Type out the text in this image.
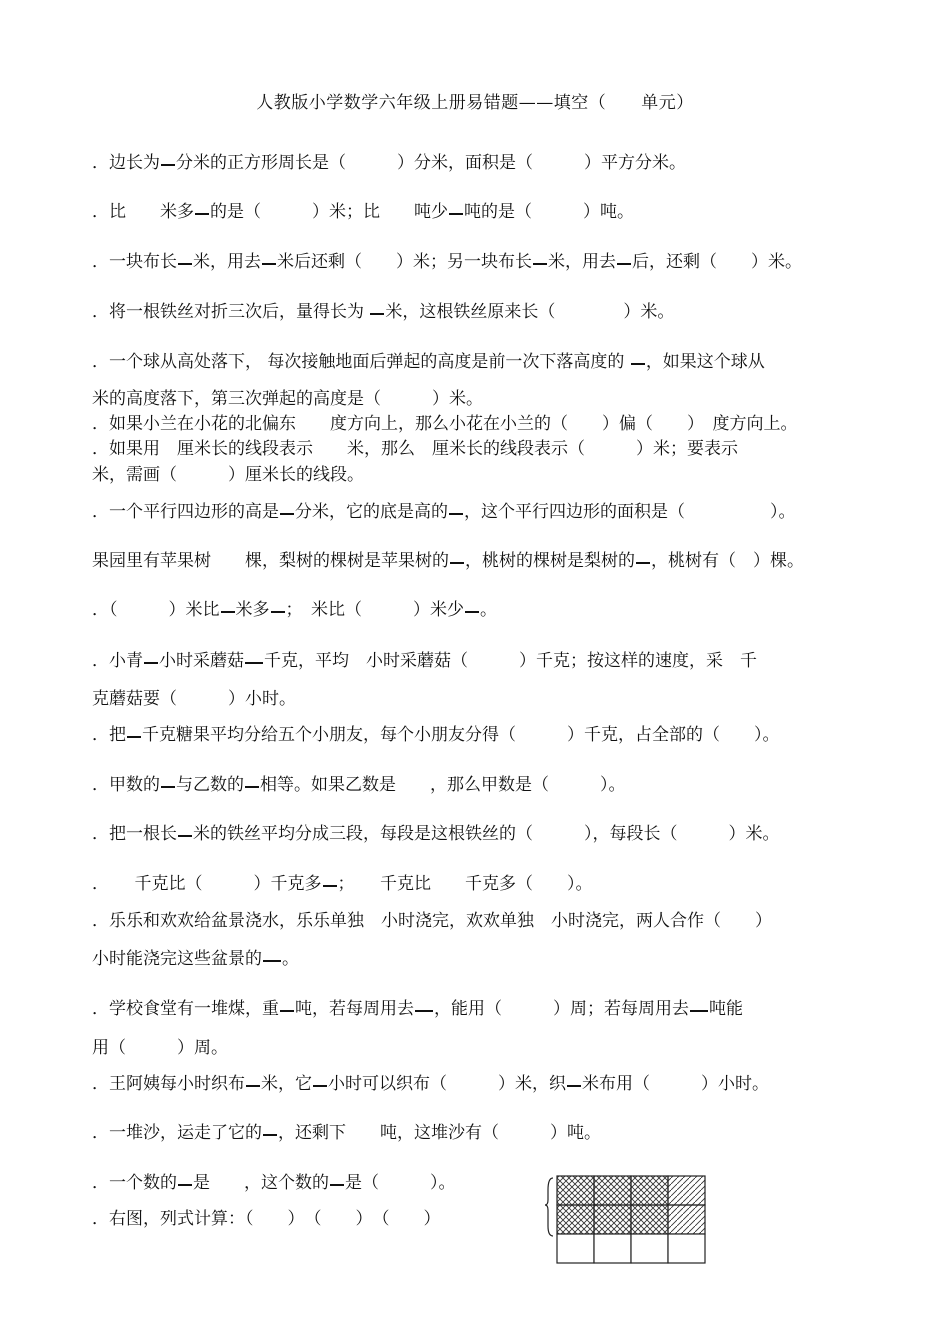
人教版小学数学六年级上册易错题——填空（　　单元）
．边长为 分米的正方形周长是（　　　）分米，面积是（　　　）平方分米。
．比　　米多 的是（　　　）米；比　　吨少 吨的是（　　　）吨。
．一块布长 米，用去 米后还剩（　　）米；另一块布长 米，用去 后，还剩（　　）米。
．将一根铁丝对折三次后，量得长为 米，这根铁丝原来长（　　　　）米。
．一个球从高处落下， 每次接触地面后弹起的高度是前一次下落高度的 ，如果这个球从
米的高度落下，第三次弹起的高度是（　　　）米。
．如果小兰在小花的北偏东　　度方向上，那么小花在小兰的（　　）偏（　　）　度方向上。
．如果用　厘米长的线段表示　　米，那么　厘米长的线段表示（　　　）米；要表示
米，需画（　　　）厘米长的线段。
．一个平行四边形的高是 分米，它的底是高的 ，这个平行四边形的面积是（　　　　　）。
果园里有苹果树　　棵，梨树的棵树是苹果树的 ，桃树的棵树是梨树的 ，桃树有（　）棵。
．（　　　）米比 米多 ；　米比（　　　）米少 。
．小青 小时采蘑菇 千克，平均　小时采蘑菇（　　　）千克；按这样的速度，采　千
克蘑菇要（　　　）小时。
．把 千克糖果平均分给五个小朋友，每个小朋友分得（　　　）千克，占全部的（　　）。
．甲数的 与乙数的 相等。如果乙数是　　，那么甲数是（　　　）。
．把一根长 米的铁丝平均分成三段，每段是这根铁丝的（　　　），每段长（　　　）米。
．　　千克比（　　　）千克多 ；　　千克比　　千克多（　　）。
．乐乐和欢欢给盆景浇水，乐乐单独　小时浇完，欢欢单独　小时浇完，两人合作（　　）
小时能浇完这些盆景的 。
．学校食堂有一堆煤，重 吨，若每周用去 ，能用（　　　）周；若每周用去 吨能
用（　　　）周。
．王阿姨每小时织布 米，它 小时可以织布（　　　）米，织 米布用（　　　）小时。
．一堆沙，运走了它的 ，还剩下　　吨，这堆沙有（　　　）吨。
．一个数的 是　　，这个数的 是（　　　）。
．右图，列式计算：（　　）　（　　）　（　　）
